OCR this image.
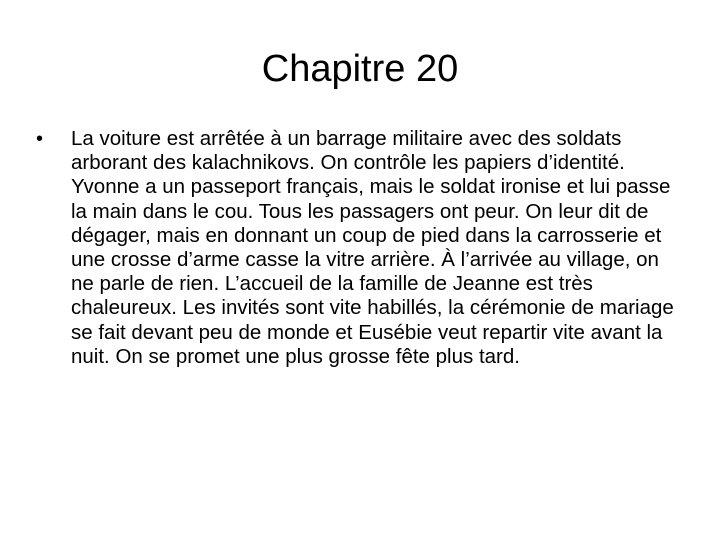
Chapitre 20
• La voiture est arrêtée à un barrage militaire avec des soldats arborant des kalachnikovs. On contrôle les papiers d’identité. Yvonne a un passeport français, mais le soldat ironise et lui passe la main dans le cou. Tous les passagers ont peur. On leur dit de dégager, mais en donnant un coup de pied dans la carrosserie et une crosse d’arme casse la vitre arrière. À l’arrivée au village, on ne parle de rien. L’accueil de la famille de Jeanne est très chaleureux. Les invités sont vite habillés, la cérémonie de mariage se fait devant peu de monde et Eusébie veut repartir vite avant la nuit. On se promet une plus grosse fête plus tard.
